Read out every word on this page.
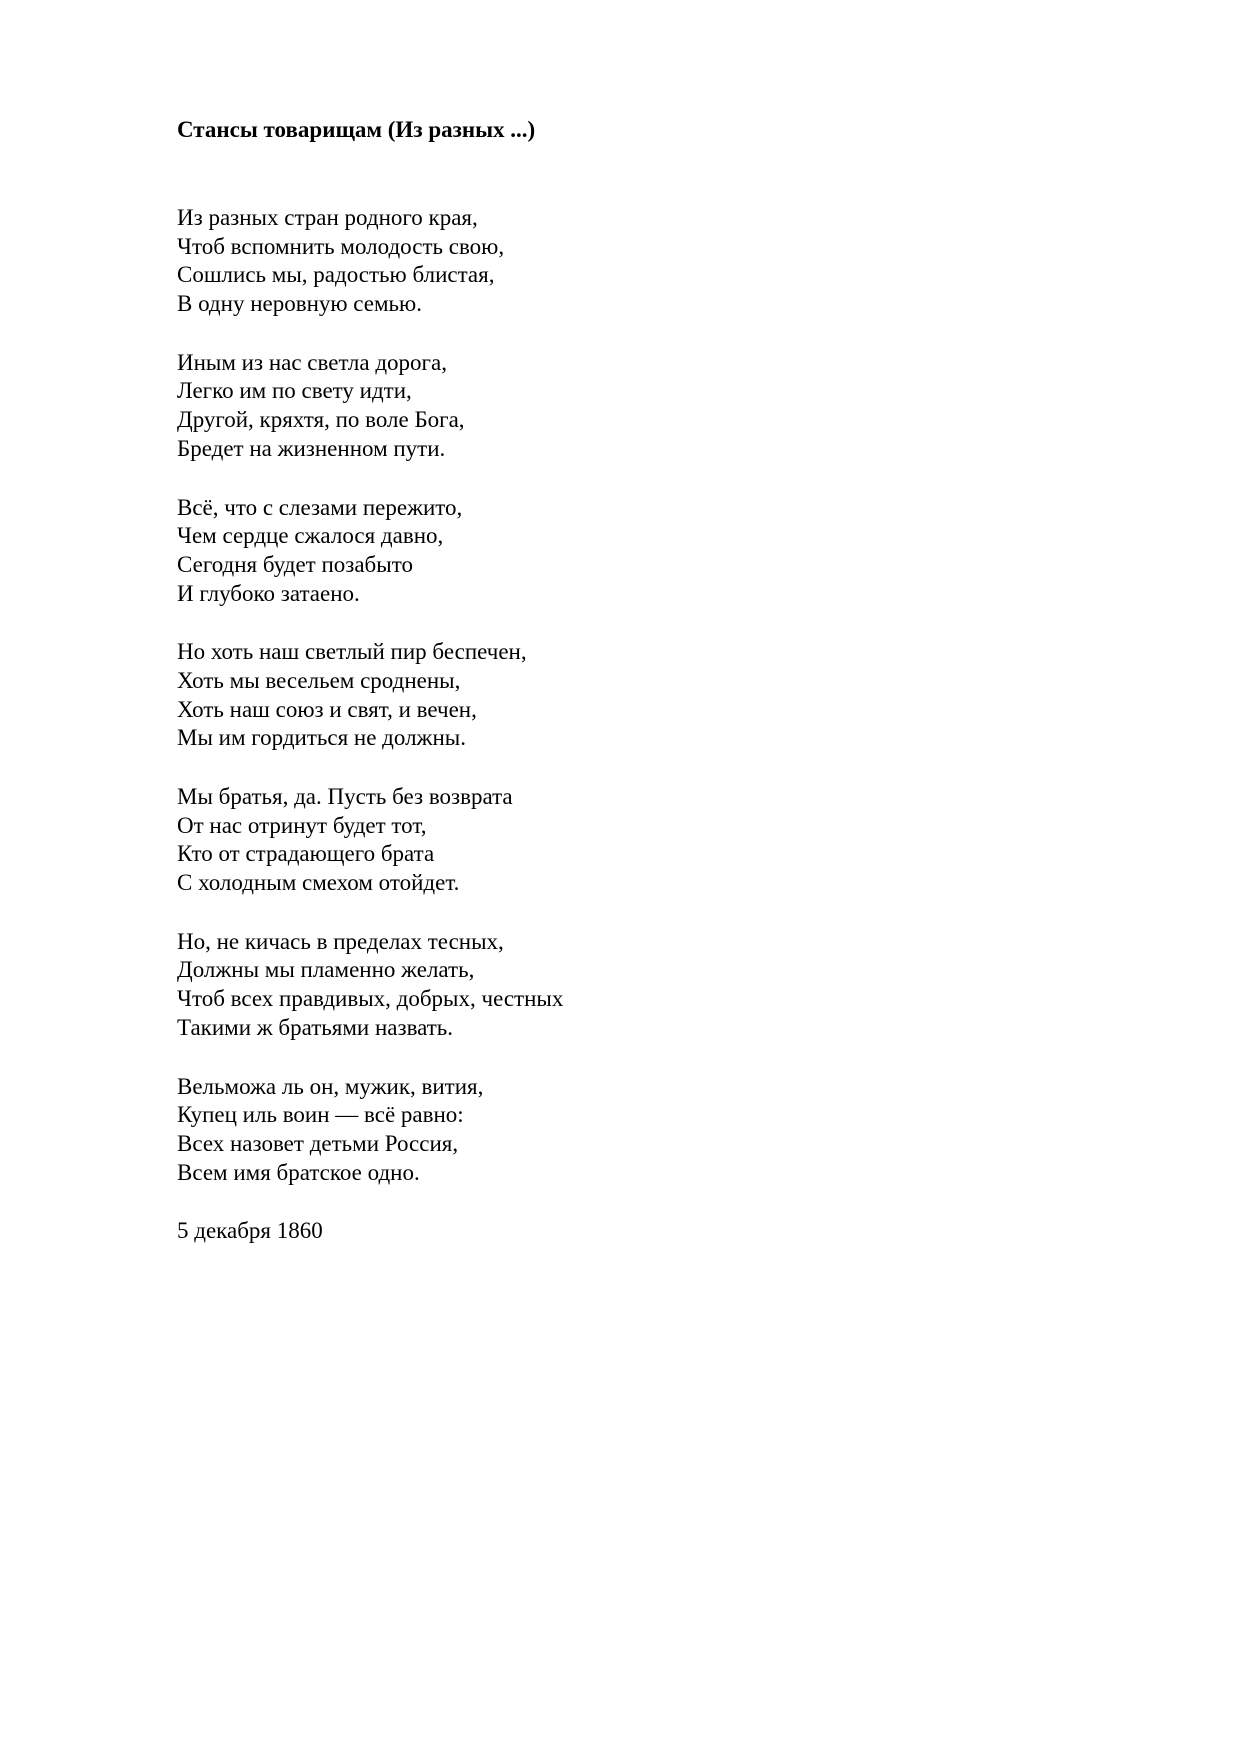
Стансы товарищам (Из разных ...)

Из разных стран родного края,
Чтоб вспомнить молодость свою,
Сошлись мы, радостью блистая,
В одну неровную семью.

Иным из нас светла дорога,
Легко им по свету идти,
Другой, кряхтя, по воле Бога,
Бредет на жизненном пути.

Всё, что с слезами пережито,
Чем сердце сжалося давно,
Сегодня будет позабыто
И глубоко затаено.

Но хоть наш светлый пир беспечен,
Хоть мы весельем сроднены,
Хоть наш союз и свят, и вечен,
Мы им гордиться не должны.

Мы братья, да. Пусть без возврата
От нас отринут будет тот,
Кто от страдающего брата
С холодным смехом отойдет.

Но, не кичась в пределах тесных,
Должны мы пламенно желать,
Чтоб всех правдивых, добрых, честных
Такими ж братьями назвать.

Вельможа ль он, мужик, вития,
Купец иль воин — всё равно:
Всех назовет детьми Россия,
Всем имя братское одно.

5 декабря 1860
